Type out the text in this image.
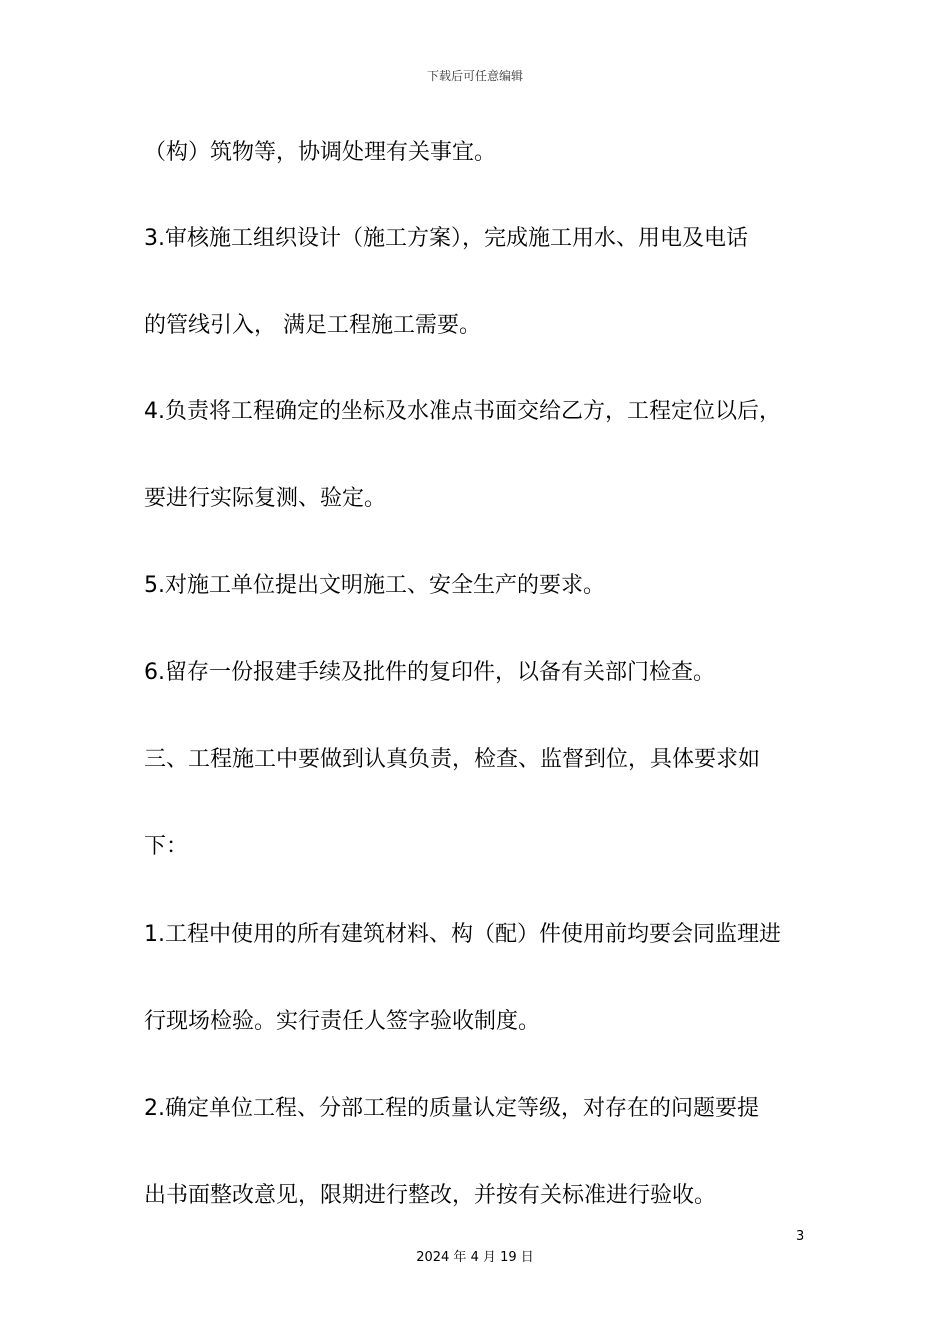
下载后可任意编辑
（构）筑物等，协调处理有关事宜。
3.审核施工组织设计（施工方案），完成施工用水、用电及电话
的管线引入， 满足工程施工需要。
4.负责将工程确定的坐标及水准点书面交给乙方，工程定位以后，
要进行实际复测、验定。
5.对施工单位提出文明施工、安全生产的要求。
6.留存一份报建手续及批件的复印件，以备有关部门检查。
三、工程施工中要做到认真负责，检查、监督到位，具体要求如
下：
1.工程中使用的所有建筑材料、构（配）件使用前均要会同监理进
行现场检验。实行责任人签字验收制度。
2.确定单位工程、分部工程的质量认定等级，对存在的问题要提
出书面整改意见，限期进行整改，并按有关标准进行验收。
3
2024 年 4 月 19 日
